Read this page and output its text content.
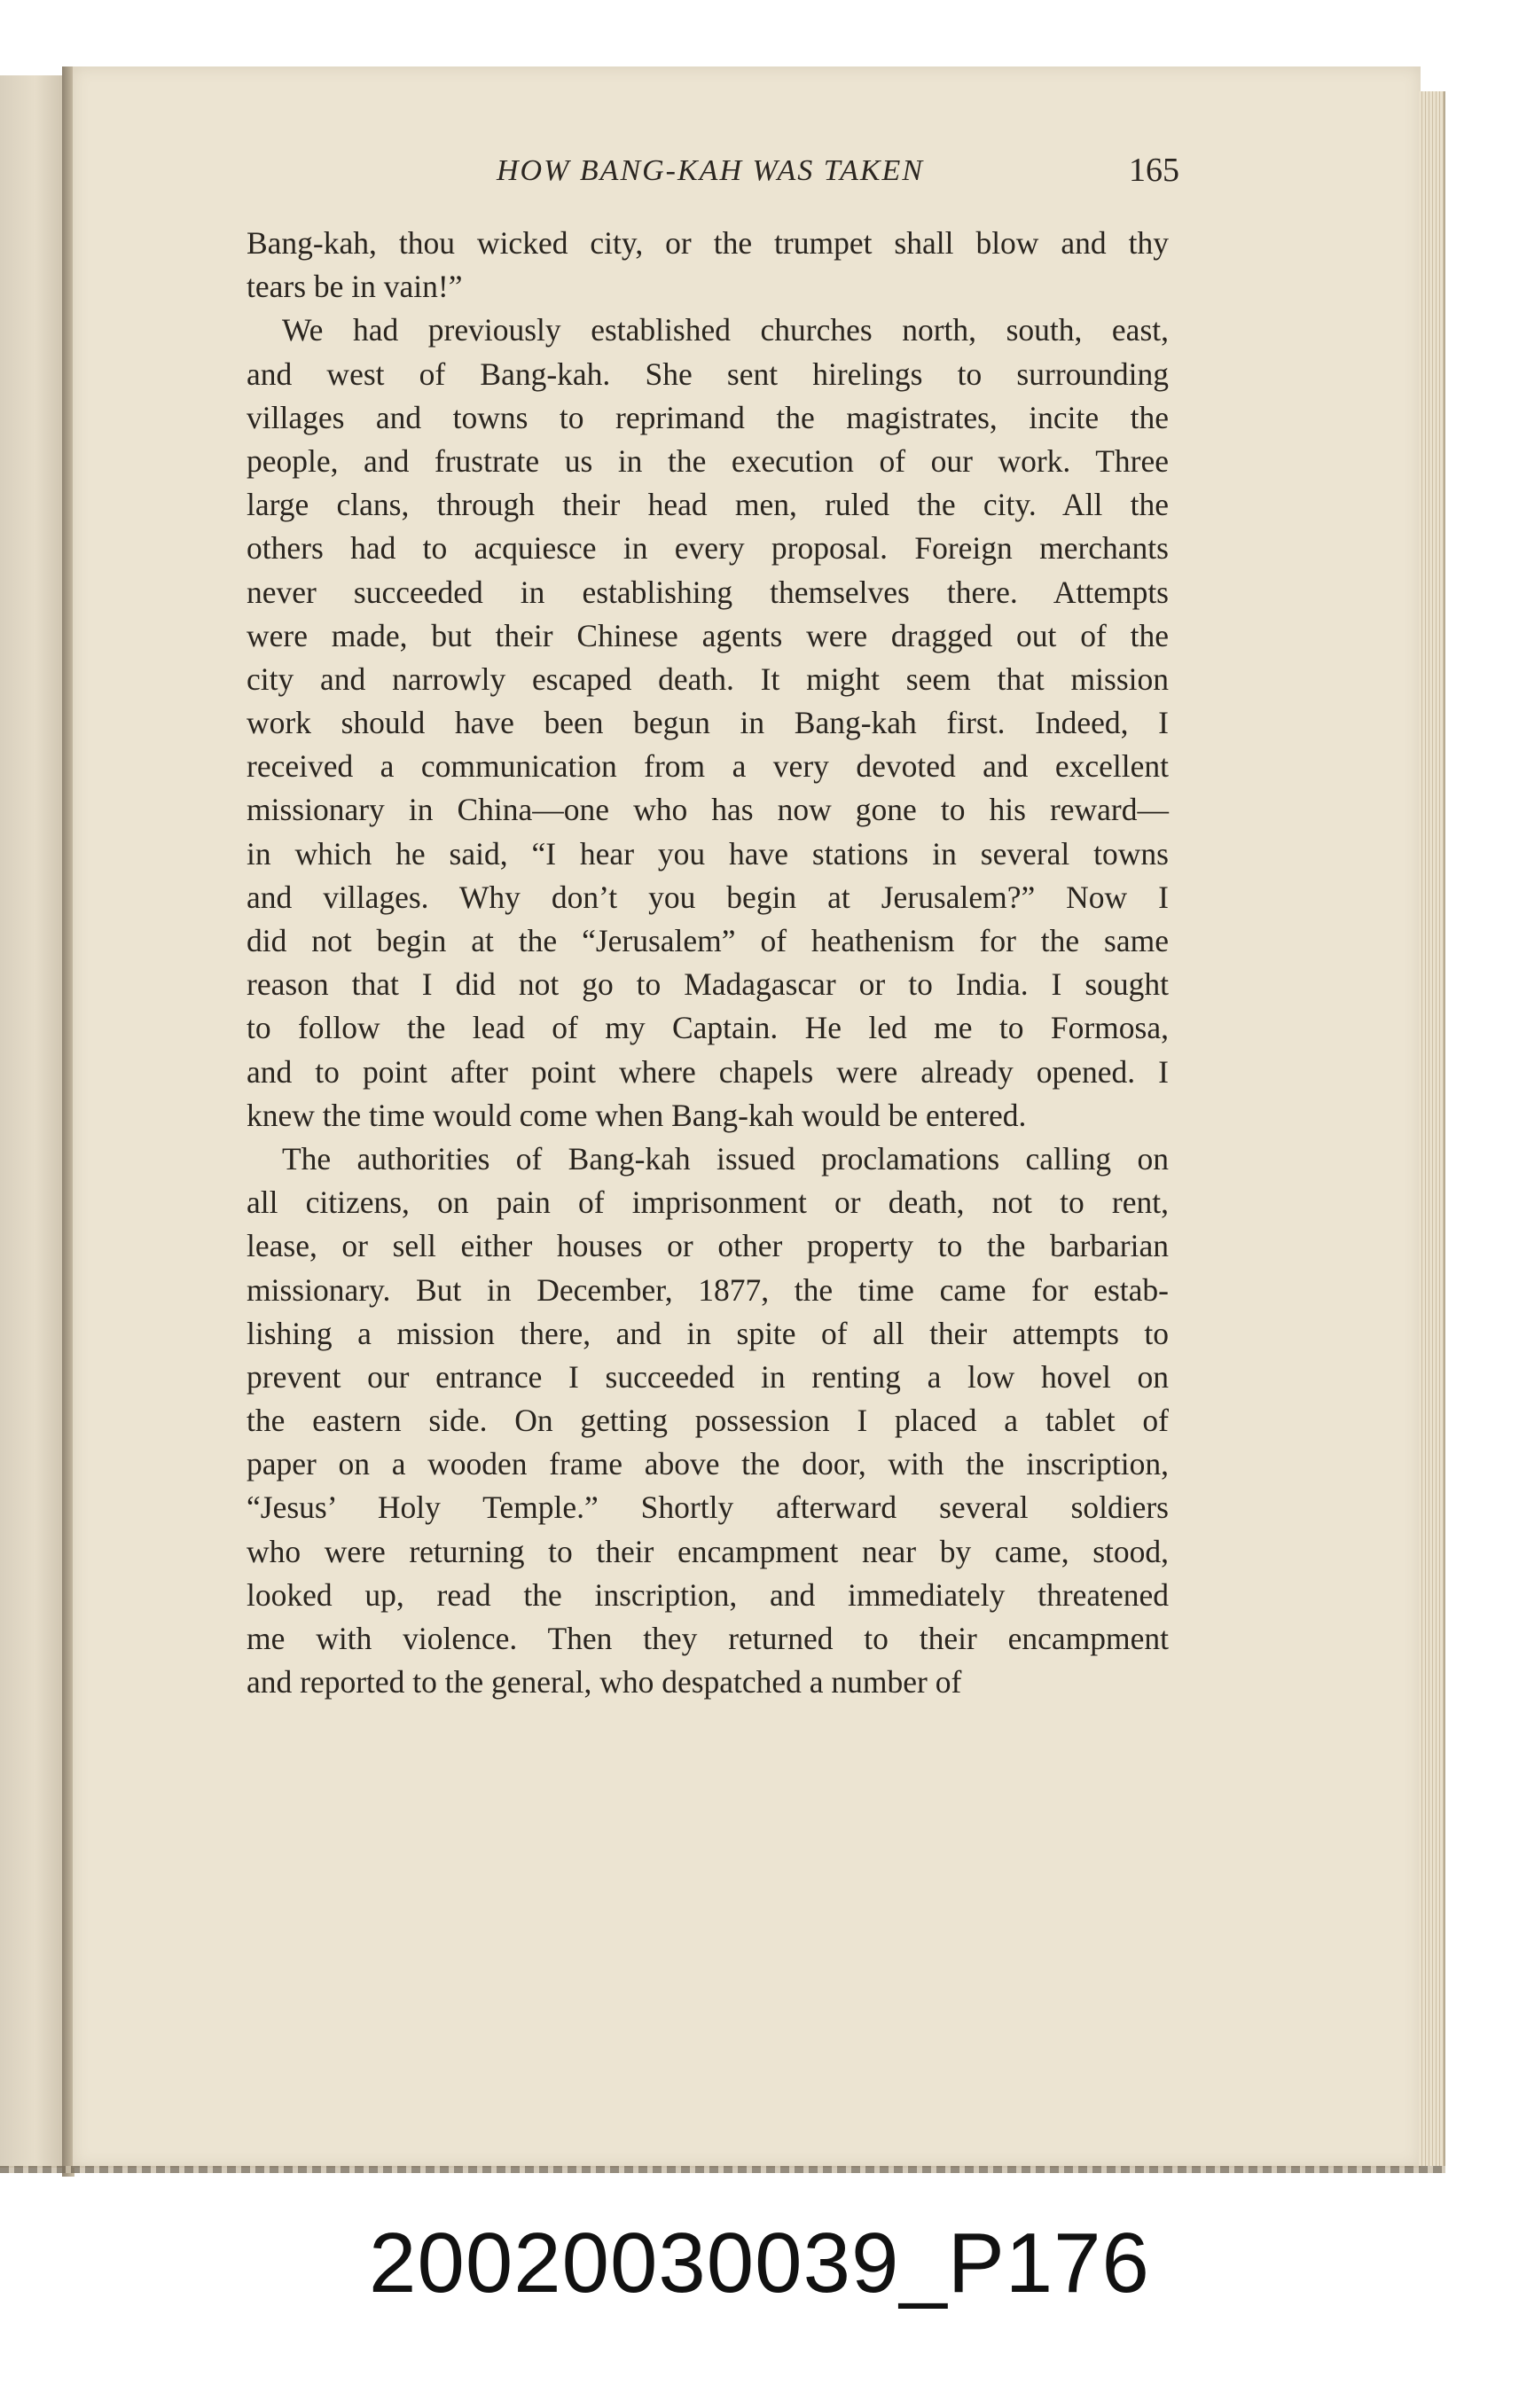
HOW BANG-KAH WAS TAKEN	165
Bang-kah, thou wicked city, or the trumpet shall blow and thy
tears be in vain!”
We had previously established churches north, south, east,
and west of Bang-kah. She sent hirelings to surrounding
villages and towns to reprimand the magistrates, incite the
people, and frustrate us in the execution of our work. Three
large clans, through their head men, ruled the city. All the
others had to acquiesce in every proposal. Foreign merchants
never succeeded in establishing themselves there. Attempts
were made, but their Chinese agents were dragged out of the
city and narrowly escaped death. It might seem that mission
work should have been begun in Bang-kah first. Indeed, I
received a communication from a very devoted and excellent
missionary in China—one who has now gone to his reward—
in which he said, “I hear you have stations in several towns
and villages. Why don’t you begin at Jerusalem?” Now I
did not begin at the “Jerusalem” of heathenism for the same
reason that I did not go to Madagascar or to India. I sought
to follow the lead of my Captain. He led me to Formosa,
and to point after point where chapels were already opened. I
knew the time would come when Bang-kah would be entered.
The authorities of Bang-kah issued proclamations calling on
all citizens, on pain of imprisonment or death, not to rent,
lease, or sell either houses or other property to the barbarian
missionary. But in December, 1877, the time came for estab-
lishing a mission there, and in spite of all their attempts to
prevent our entrance I succeeded in renting a low hovel on
the eastern side. On getting possession I placed a tablet of
paper on a wooden frame above the door, with the inscription,
“Jesus’ Holy Temple.” Shortly afterward several soldiers
who were returning to their encampment near by came, stood,
looked up, read the inscription, and immediately threatened
me with violence. Then they returned to their encampment
and reported to the general, who despatched a number of
20020030039_P176
